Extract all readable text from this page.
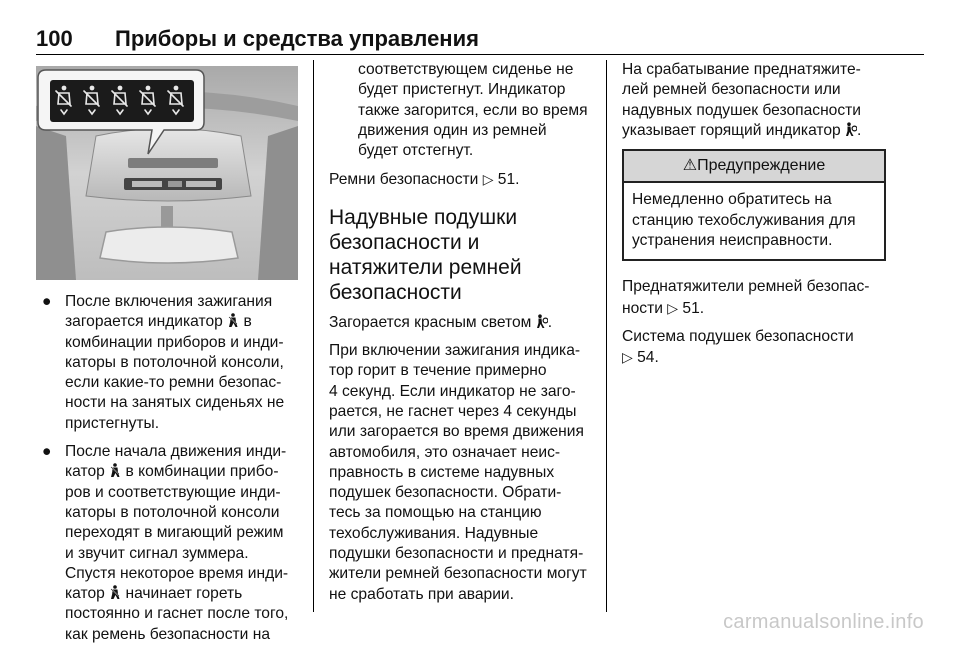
100 Приборы и средства управления
● После включения зажигания
загорается индикатор  в
комбинации приборов и инди-
каторы в потолочной консоли,
если какие-то ремни безопас-
ности на занятых сиденьях не
пристегнуты.
● После начала движения инди-
катор  в комбинации прибо-
ров и соответствующие инди-
каторы в потолочной консоли
переходят в мигающий режим
и звучит сигнал зуммера.
Спустя некоторое время инди-
катор  начинает гореть
постоянно и гаснет после того,
как ремень безопасности на
соответствующем сиденье не
будет пристегнут. Индикатор
также загорится, если во время
движения один из ремней
будет отстегнут.

Ремни безопасности ▷ 51.

Надувные подушки
безопасности и
натяжители ремней
безопасности

Загорается красным светом .

При включении зажигания индика-
тор горит в течение примерно
4 секунд. Если индикатор не заго-
рается, не гаснет через 4 секунды
или загорается во время движения
автомобиля, это означает неис-
правность в системе надувных
подушек безопасности. Обрати-
тесь за помощью на станцию
техобслуживания. Надувные
подушки безопасности и преднатя-
жители ремней безопасности могут
не сработать при аварии.

На срабатывание преднатяжите-
лей ремней безопасности или
надувных подушек безопасности
указывает горящий индикатор .

⚠Предупреждение
Немедленно обратитесь на
станцию техобслуживания для
устранения неисправности.

Преднатяжители ремней безопас-
ности ▷ 51.

Система подушек безопасности
▷ 54.

carmanualsonline.info
